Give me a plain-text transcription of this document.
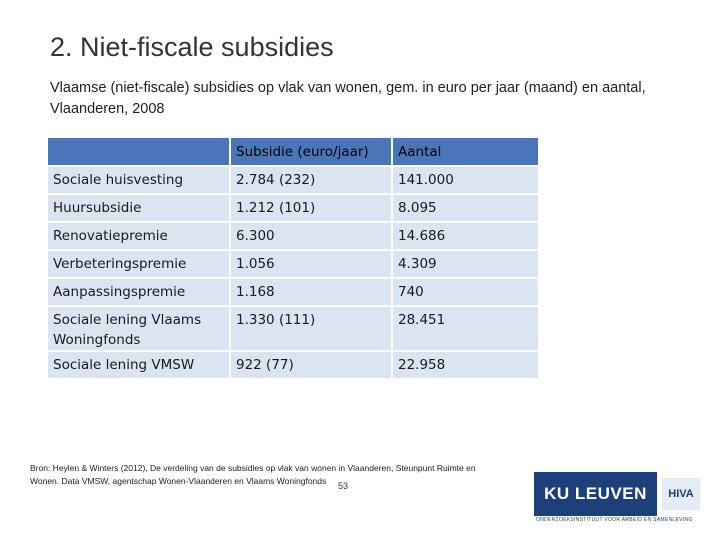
2. Niet-fiscale subsidies
Vlaamse (niet-fiscale) subsidies op vlak van wonen, gem. in euro per jaar (maand) en aantal, Vlaanderen, 2008
	Subsidie (euro/jaar)	Aantal
Sociale huisvesting	2.784 (232)	141.000
Huursubsidie	1.212 (101)	8.095
Renovatiepremie	6.300	14.686
Verbeteringspremie	1.056	4.309
Aanpassingspremie	1.168	740
Sociale lening Vlaams Woningfonds	1.330 (111)	28.451
Sociale lening VMSW	922 (77)	22.958
Bron: Heylen & Winters (2012), De verdeling van de subsidies op vlak van wonen in Vlaanderen, Steunpunt Ruimte en Wonen. Data VMSW, agentschap Wonen-Vlaanderen en Vlaams Woningfonds	53	KU LEUVEN	HIVA
ONDERZOEKSINSTITUUT VOOR ARBEID EN SAMENLEVING
